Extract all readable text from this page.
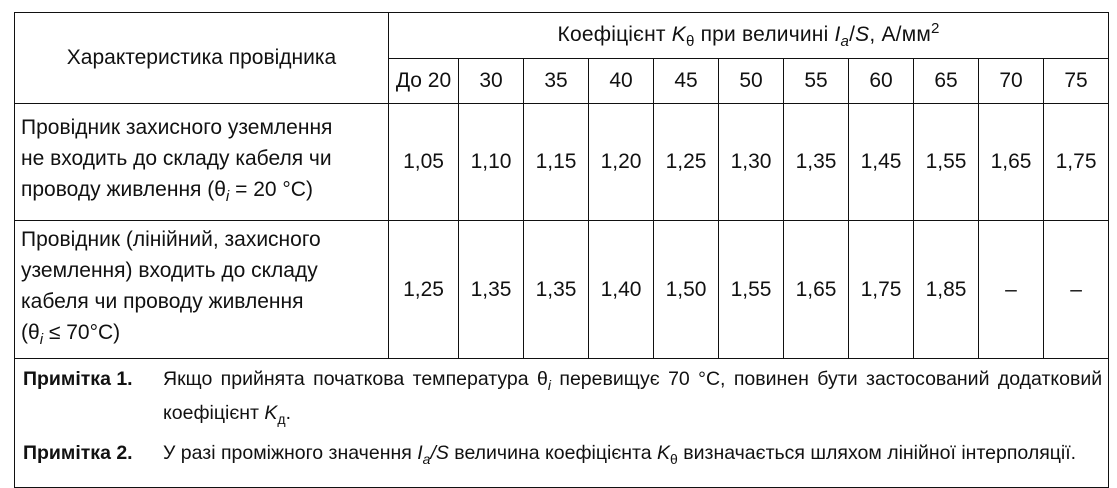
Характеристика провідника	Коефіцієнт $K_\theta$ при величині $I_a/S$, $А/мм^2$
	До 20	30	35	40	45	50	55	60	65	70	75

Провідник захисного уземлення
не входить до складу кабеля чи
проводу живлення ($\theta_i = 20$ °C)	1,05	1,10	1,15	1,20	1,25	1,30	1,35	1,45	1,55	1,65	1,75

Провідник (лінійний, захисного
уземлення) входить до складу
кабеля чи проводу живлення
$(\theta_i \le 70^\circ C)$	1,25	1,35	1,35	1,40	1,50	1,55	1,65	1,75	1,85	–	–

Примітка 1. Якщо прийнята початкова температура $\theta_i$ перевищує 70 °C, повинен бути застосований додатковий коефіцієнт $K_д$.
Примітка 2. У разі проміжного значення $I_a/S$ величина коефіцієнта $K_\theta$ визначається шляхом лінійної інтерполяції.											
